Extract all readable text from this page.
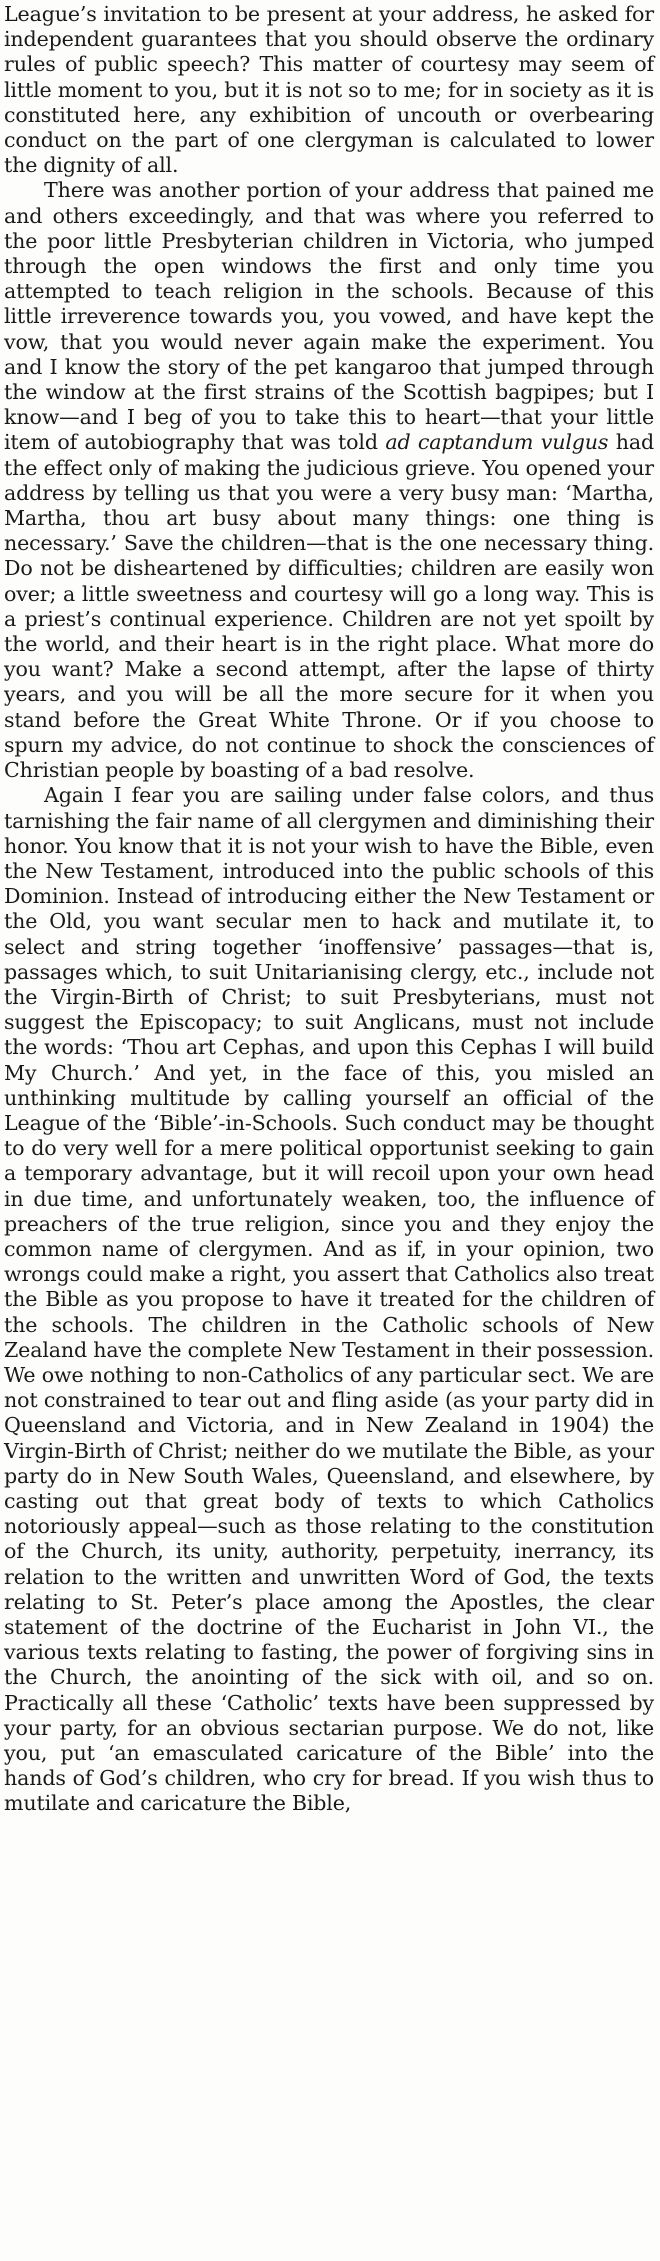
League’s invitation to be present at your address, he asked for independent guarantees that you should observe the ordinary rules of public speech? This matter of courtesy may seem of little moment to you, but it is not so to me; for in society as it is constituted here, any exhibition of uncouth or overbearing conduct on the part of one clergyman is calculated to lower the dignity of all.

There was another portion of your address that pained me and others exceedingly, and that was where you referred to the poor little Presbyterian children in Victoria, who jumped through the open windows the first and only time you attempted to teach religion in the schools. Because of this little irreverence towards you, you vowed, and have kept the vow, that you would never again make the experiment. You and I know the story of the pet kangaroo that jumped through the window at the first strains of the Scottish bagpipes; but I know—and I beg of you to take this to heart—that your little item of autobiography that was told ad captandum vulgus had the effect only of making the judicious grieve. You opened your address by telling us that you were a very busy man: ‘Martha, Martha, thou art busy about many things: one thing is necessary.’ Save the children—that is the one necessary thing. Do not be disheartened by difficulties; children are easily won over; a little sweetness and courtesy will go a long way. This is a priest’s continual experience. Children are not yet spoilt by the world, and their heart is in the right place. What more do you want? Make a second attempt, after the lapse of thirty years, and you will be all the more secure for it when you stand before the Great White Throne. Or if you choose to spurn my advice, do not continue to shock the consciences of Christian people by boasting of a bad resolve.

Again I fear you are sailing under false colors, and thus tarnishing the fair name of all clergymen and diminishing their honor. You know that it is not your wish to have the Bible, even the New Testament, introduced into the public schools of this Dominion. Instead of introducing either the New Testament or the Old, you want secular men to hack and mutilate it, to select and string together ‘inoffensive’ passages—that is, passages which, to suit Unitarianising clergy, etc., include not the Virgin-Birth of Christ; to suit Presbyterians, must not suggest the Episcopacy; to suit Anglicans, must not include the words: ‘Thou art Cephas, and upon this Cephas I will build My Church.’ And yet, in the face of this, you misled an unthinking multitude by calling yourself an official of the League of the ‘Bible’-in-Schools. Such conduct may be thought to do very well for a mere political opportunist seeking to gain a temporary advantage, but it will recoil upon your own head in due time, and unfortunately weaken, too, the influence of preachers of the true religion, since you and they enjoy the common name of clergymen. And as if, in your opinion, two wrongs could make a right, you assert that Catholics also treat the Bible as you propose to have it treated for the children of the schools. The children in the Catholic schools of New Zealand have the complete New Testament in their possession. We owe nothing to non-Catholics of any particular sect. We are not constrained to tear out and fling aside (as your party did in Queensland and Victoria, and in New Zealand in 1904) the Virgin-Birth of Christ; neither do we mutilate the Bible, as your party do in New South Wales, Queensland, and elsewhere, by casting out that great body of texts to which Catholics notoriously appeal—such as those relating to the constitution of the Church, its unity, authority, perpetuity, inerrancy, its relation to the written and unwritten Word of God, the texts relating to St. Peter’s place among the Apostles, the clear statement of the doctrine of the Eucharist in John VI., the various texts relating to fasting, the power of forgiving sins in the Church, the anointing of the sick with oil, and so on. Practically all these ‘Catholic’ texts have been suppressed by your party, for an obvious sectarian purpose. We do not, like you, put ‘an emasculated caricature of the Bible’ into the hands of God’s children, who cry for bread. If you wish thus to mutilate and caricature the Bible,
